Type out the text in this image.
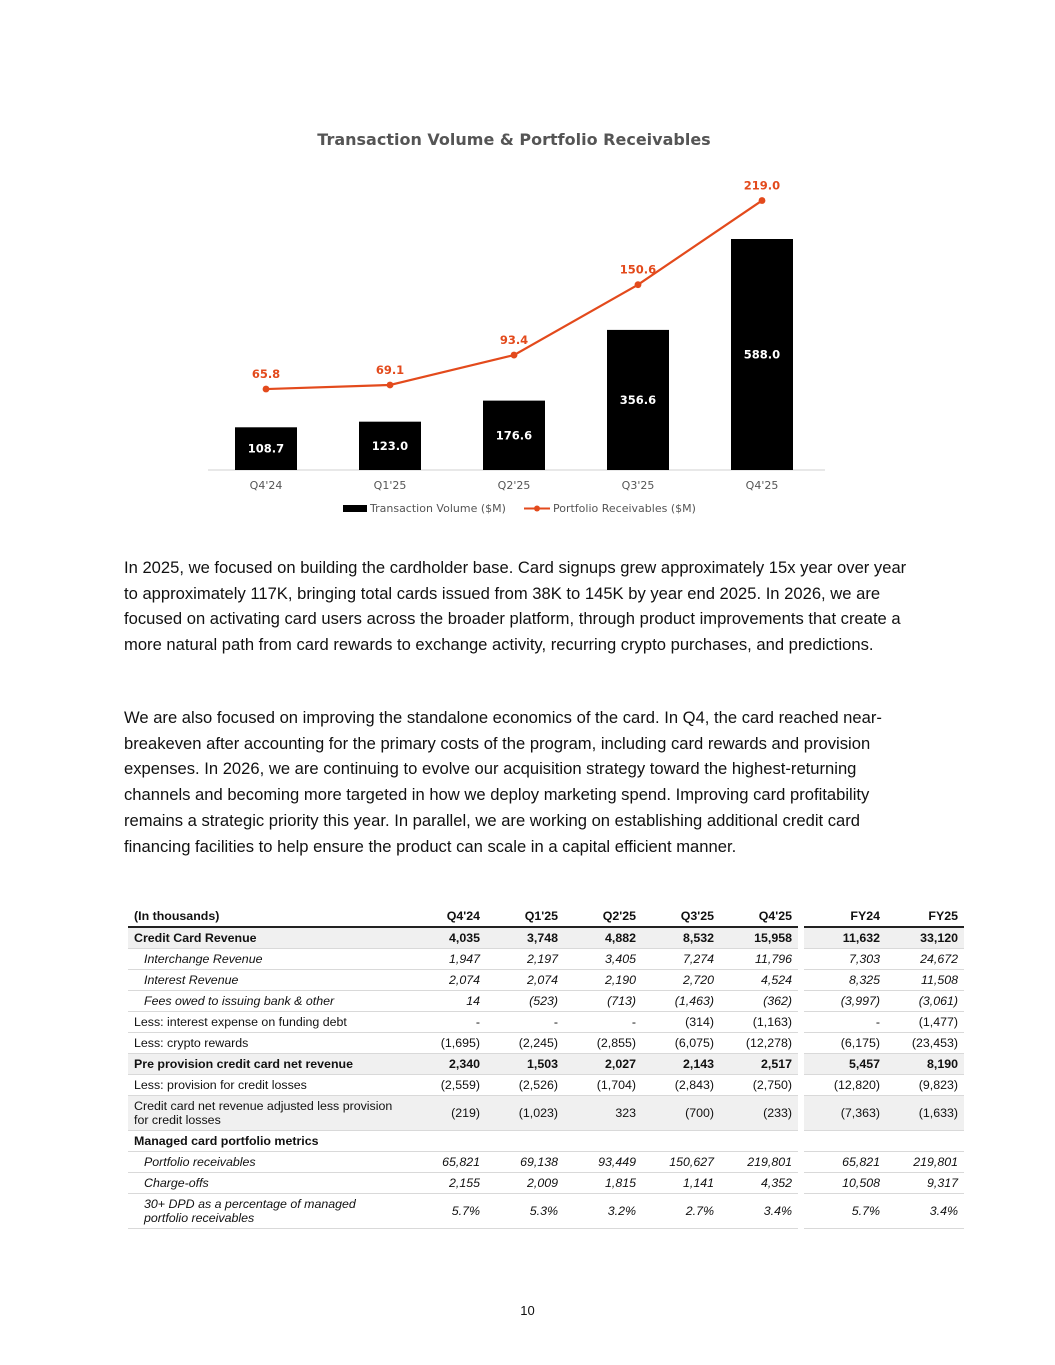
Transaction Volume & Portfolio Receivables
108.7	123.0
176.6
356.6
588.0
65.8	69.1
93.4
150.6
219.0
Q4'24	Q1'25	Q2'25	Q3'25	Q4'25
Transaction Volume ($M)	Portfolio Receivables ($M)

In 2025, we focused on building the cardholder base. Card signups grew approximately 15x year over year to approximately 117K, bringing total cards issued from 38K to 145K by year end 2025. In 2026, we are focused on activating card users across the broader platform, through product improvements that create a more natural path from card rewards to exchange activity, recurring crypto purchases, and predictions.

We are also focused on improving the standalone economics of the card. In Q4, the card reached near-breakeven after accounting for the primary costs of the program, including card rewards and provision expenses. In 2026, we are continuing to evolve our acquisition strategy toward the highest-returning channels and becoming more targeted in how we deploy marketing spend. Improving card profitability remains a strategic priority this year. In parallel, we are working on establishing additional credit card financing facilities to help ensure the product can scale in a capital efficient manner.

(In thousands)	Q4'24	Q1'25	Q2'25	Q3'25	Q4'25		FY24	FY25
Credit Card Revenue	4,035	3,748	4,882	8,532	15,958		11,632	33,120
Interchange Revenue	1,947	2,197	3,405	7,274	11,796		7,303	24,672
Interest Revenue	2,074	2,074	2,190	2,720	4,524		8,325	11,508
Fees owed to issuing bank & other	14	(523)	(713)	(1,463)	(362)		(3,997)	(3,061)
Less: interest expense on funding debt	-	-	-	(314)	(1,163)		-	(1,477)
Less: crypto rewards	(1,695)	(2,245)	(2,855)	(6,075)	(12,278)		(6,175)	(23,453)
Pre provision credit card net revenue	2,340	1,503	2,027	2,143	2,517		5,457	8,190
Less: provision for credit losses	(2,559)	(2,526)	(1,704)	(2,843)	(2,750)		(12,820)	(9,823)
Credit card net revenue adjusted less provision for credit losses	(219)	(1,023)	323	(700)	(233)		(7,363)	(1,633)
Managed card portfolio metrics								
Portfolio receivables	65,821	69,138	93,449	150,627	219,801		65,821	219,801
Charge-offs	2,155	2,009	1,815	1,141	4,352		10,508	9,317
30+ DPD as a percentage of managed portfolio receivables	5.7%	5.3%	3.2%	2.7%	3.4%		5.7%	3.4%
10
